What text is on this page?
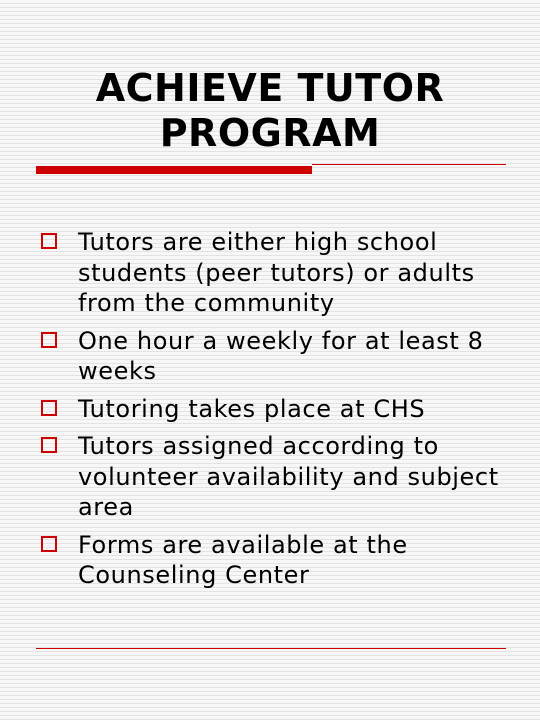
ACHIEVE TUTOR
PROGRAM
Tutors are either high school students (peer tutors) or adults from the community
One hour a weekly for at least 8 weeks
Tutoring takes place at CHS
Tutors assigned according to volunteer availability and subject area
Forms are available at the Counseling Center
